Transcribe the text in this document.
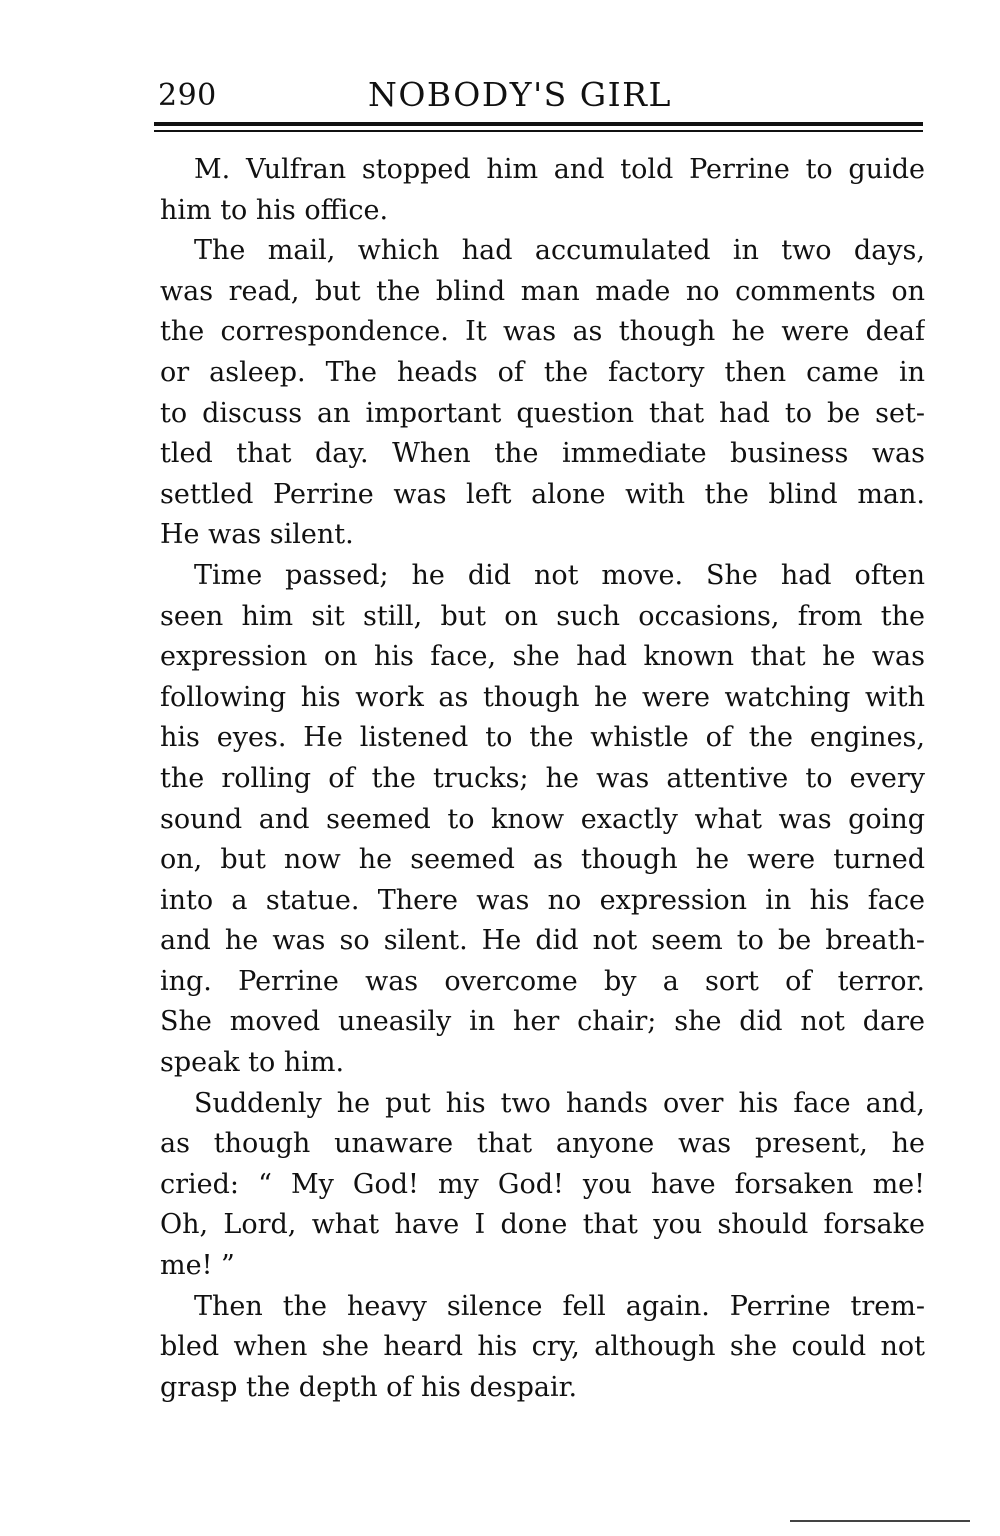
290	NOBODY'S GIRL
M. Vulfran stopped him and told Perrine to guide
him to his office.
The mail, which had accumulated in two days,
was read, but the blind man made no comments on
the correspondence. It was as though he were deaf
or asleep. The heads of the factory then came in
to discuss an important question that had to be set-
tled that day. When the immediate business was
settled Perrine was left alone with the blind man.
He was silent.
Time passed; he did not move. She had often
seen him sit still, but on such occasions, from the
expression on his face, she had known that he was
following his work as though he were watching with
his eyes. He listened to the whistle of the engines,
the rolling of the trucks; he was attentive to every
sound and seemed to know exactly what was going
on, but now he seemed as though he were turned
into a statue. There was no expression in his face
and he was so silent. He did not seem to be breath-
ing. Perrine was overcome by a sort of terror.
She moved uneasily in her chair; she did not dare
speak to him.
Suddenly he put his two hands over his face and,
as though unaware that anyone was present, he
cried: “ My God! my God! you have forsaken me!
Oh, Lord, what have I done that you should forsake
me! ”
Then the heavy silence fell again. Perrine trem-
bled when she heard his cry, although she could not
grasp the depth of his despair.
